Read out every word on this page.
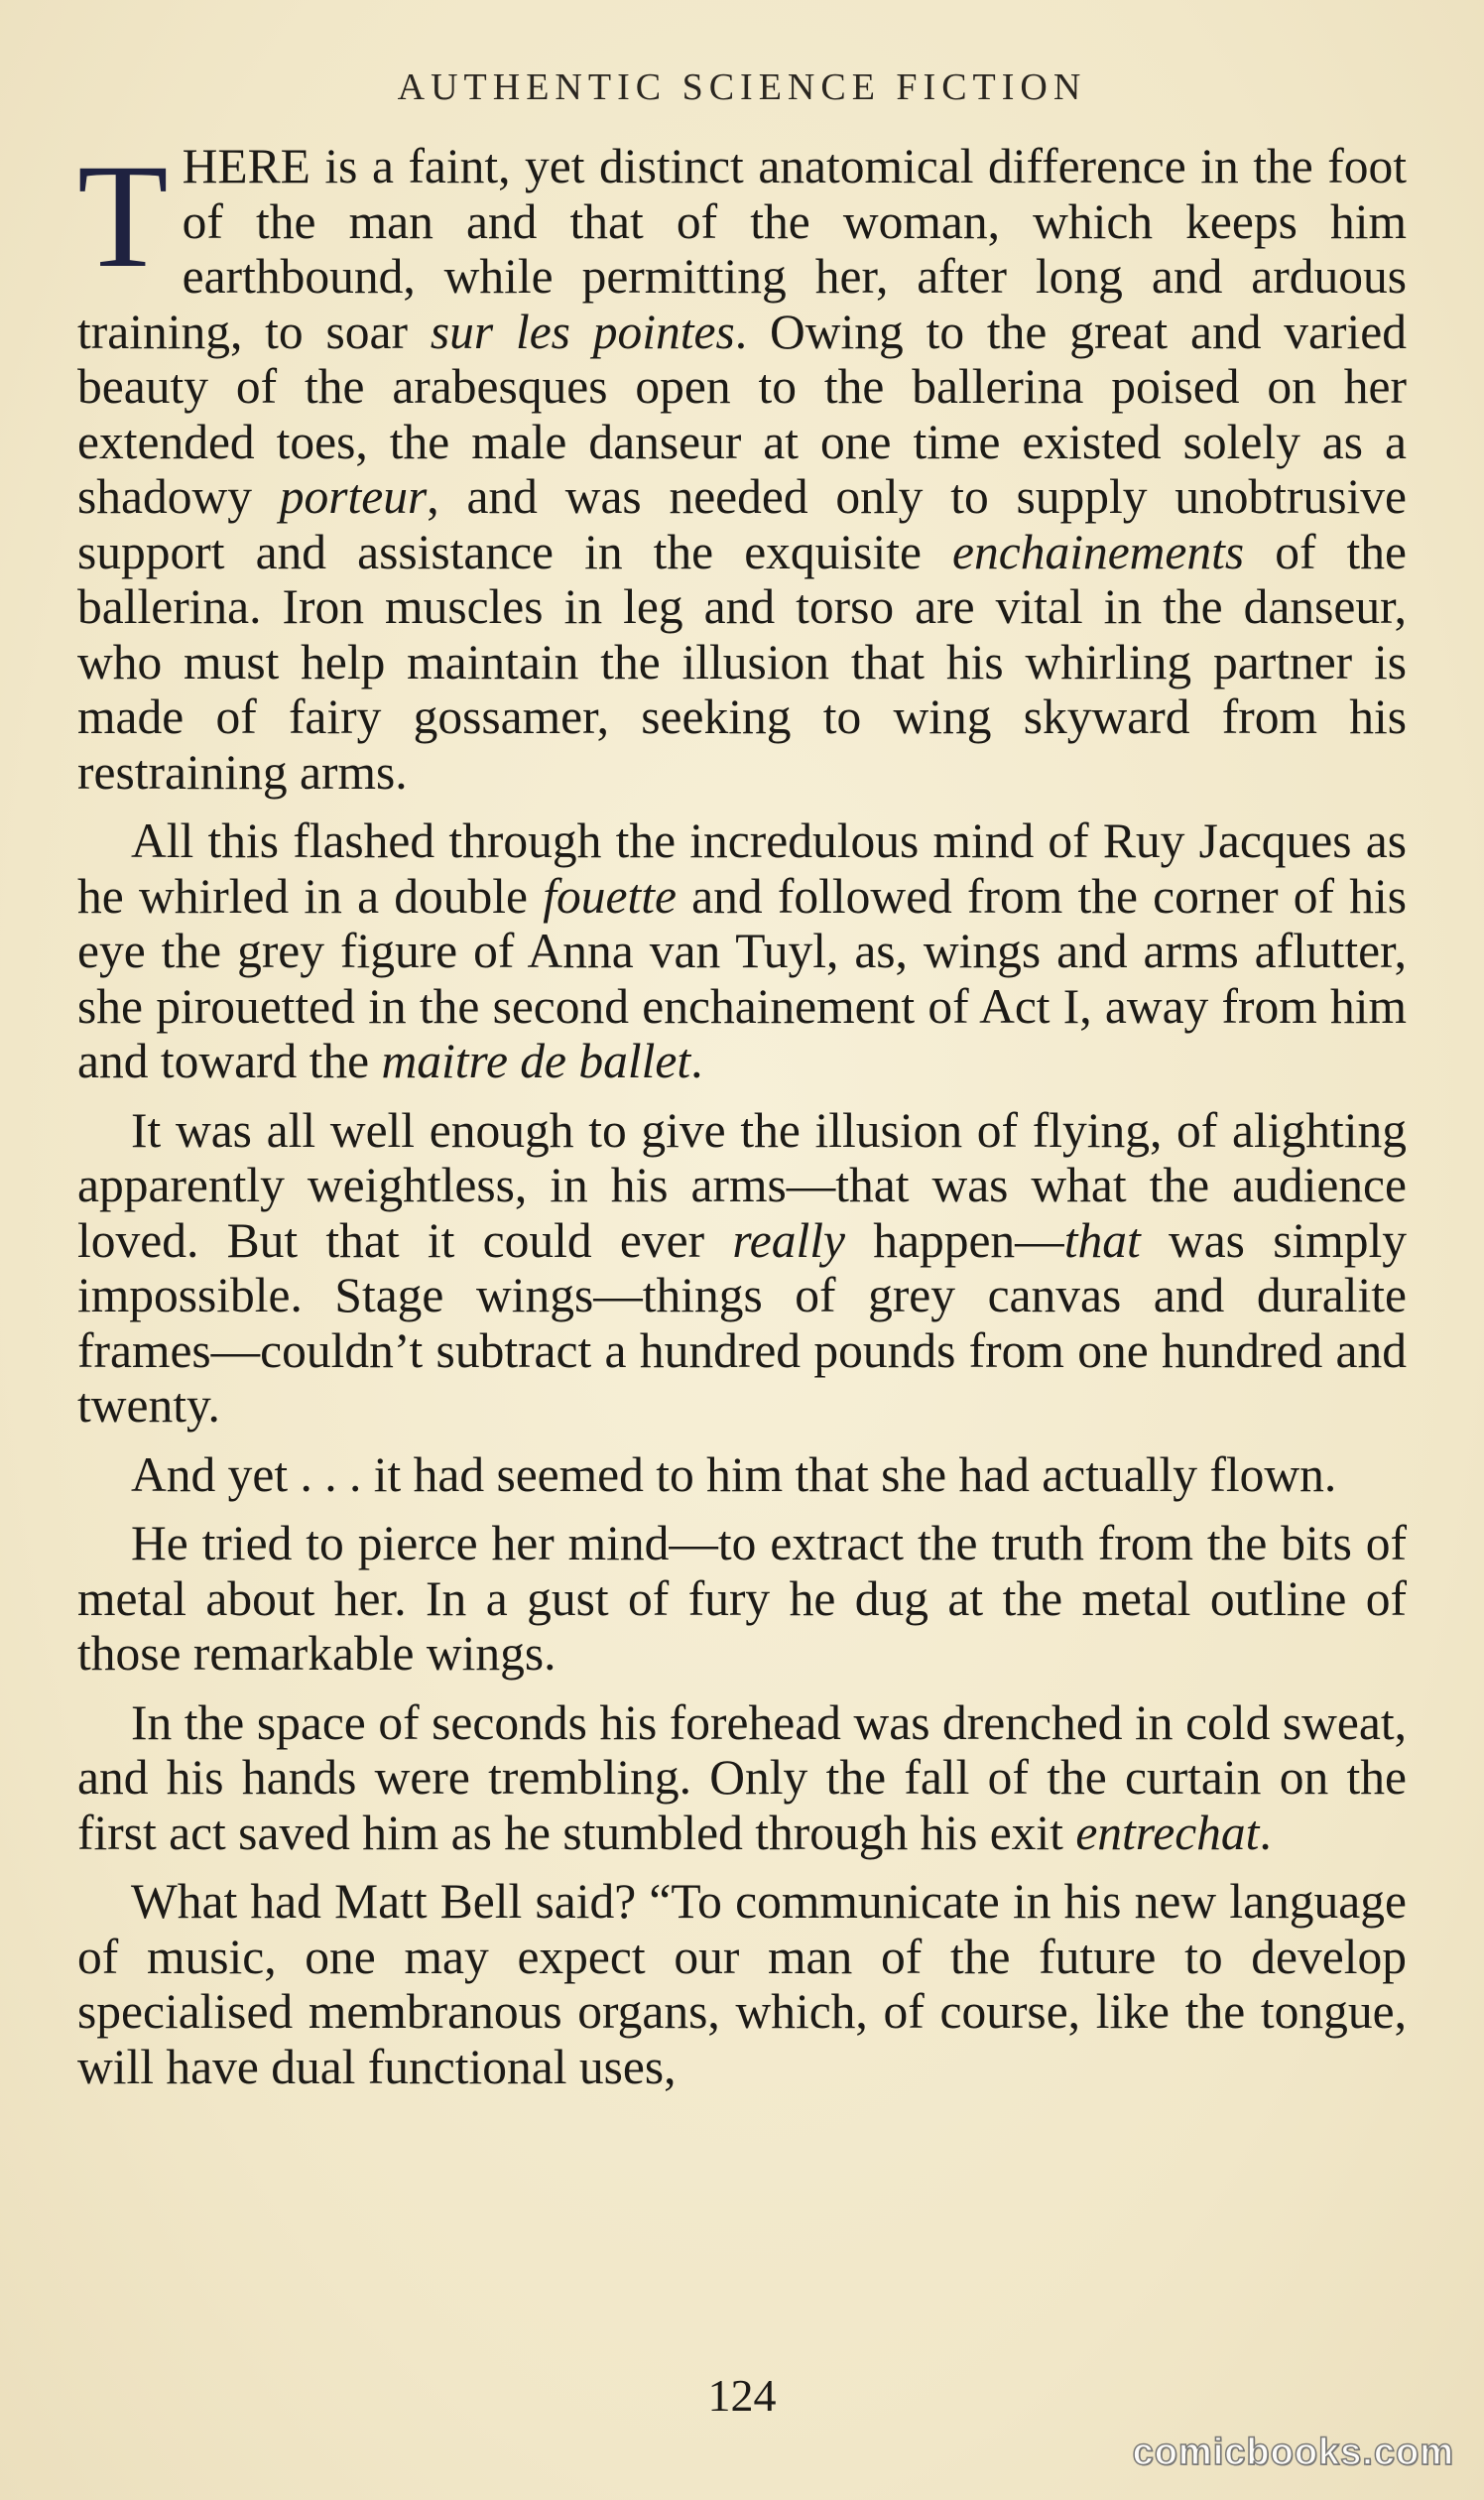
AUTHENTIC SCIENCE FICTION

THERE is a faint, yet distinct anatomical difference in the foot of the man and that of the woman, which keeps him earthbound, while permitting her, after long and arduous training, to soar sur les pointes. Owing to the great and varied beauty of the arabesques open to the ballerina poised on her extended toes, the male danseur at one time existed solely as a shadowy porteur, and was needed only to supply unobtrusive support and assistance in the exquisite enchainements of the ballerina. Iron muscles in leg and torso are vital in the danseur, who must help maintain the illusion that his whirling partner is made of fairy gossamer, seeking to wing skyward from his restraining arms.

All this flashed through the incredulous mind of Ruy Jacques as he whirled in a double fouette and followed from the corner of his eye the grey figure of Anna van Tuyl, as, wings and arms aflutter, she pirouetted in the second enchainement of Act I, away from him and toward the maitre de ballet.

It was all well enough to give the illusion of flying, of alighting apparently weightless, in his arms—that was what the audience loved. But that it could ever really happen—that was simply impossible. Stage wings—things of grey canvas and duralite frames—couldn’t subtract a hundred pounds from one hundred and twenty.

And yet . . . it had seemed to him that she had actually flown.

He tried to pierce her mind—to extract the truth from the bits of metal about her. In a gust of fury he dug at the metal outline of those remarkable wings.

In the space of seconds his forehead was drenched in cold sweat, and his hands were trembling. Only the fall of the curtain on the first act saved him as he stumbled through his exit entrechat.

What had Matt Bell said? “To communicate in his new language of music, one may expect our man of the future to develop specialised membranous organs, which, of course, like the tongue, will have dual functional uses,

124
comicbooks.com
